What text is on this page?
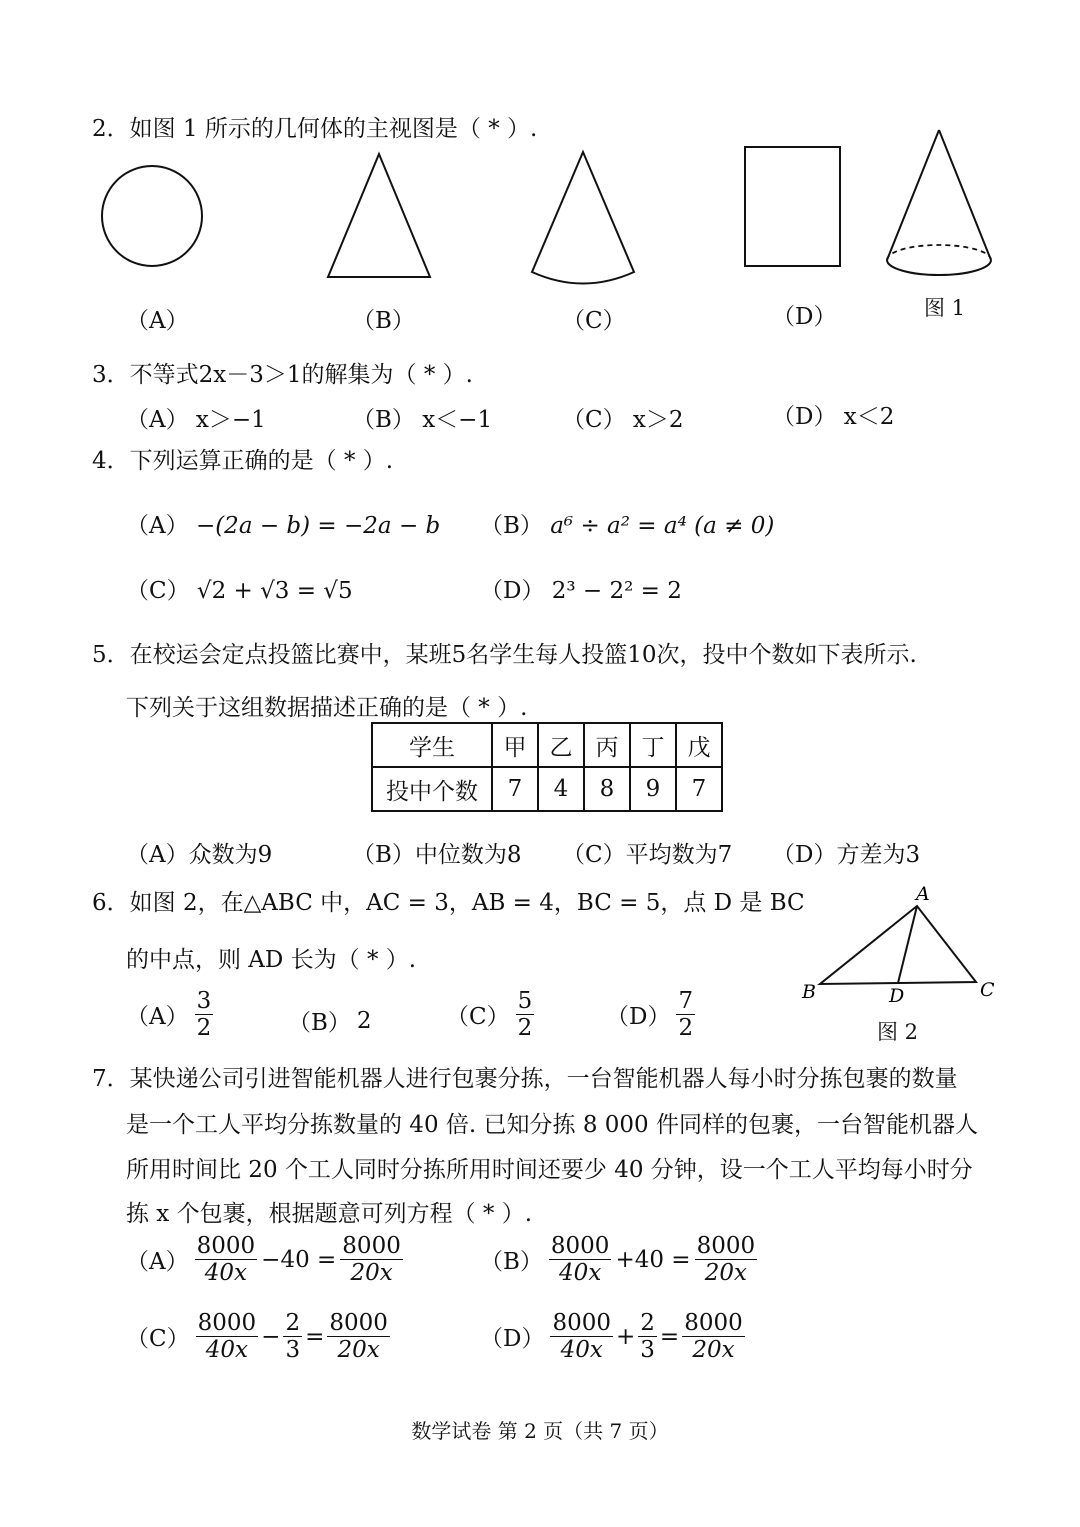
2．如图 1 所示的几何体的主视图是（ * ）.
（A）	（B）	（C）	（D）	图 1
3．不等式2x－3＞1的解集为（ * ）.
（A） x＞−1	（B） x＜−1	（C） x＞2	（D） x＜2
4．下列运算正确的是（ * ）.
（A） −(2a − b) = −2a − b （B） a⁶ ÷ a² = a⁴ (a ≠ 0)
（C） √2 + √3 = √5	（D） 2³ − 2² = 2
5．在校运会定点投篮比赛中，某班5名学生每人投篮10次，投中个数如下表所示.
下列关于这组数据描述正确的是（ * ）.
学生	甲	乙	丙	丁	戊
投中个数	7	4	8	9	7
（A）众数为9	（B）中位数为8 （C）平均数为7 （D）方差为3
6．如图 2，在△ABC 中，AC = 3，AB = 4，BC = 5，点 D 是 BC
的中点，则 AD 长为（ * ）.
$(A) \frac{3}{2}$	（B） 2	$(C) \frac{5}{2}$	$(D) \frac{7}{2}$
A
B	C
D
图 2
7．某快递公司引进智能机器人进行包裹分拣，一台智能机器人每小时分拣包裹的数量
是一个工人平均分拣数量的 40 倍. 已知分拣 8 000 件同样的包裹，一台智能机器人
所用时间比 20 个工人同时分拣所用时间还要少 40 分钟，设一个工人平均每小时分
拣 x 个包裹，根据题意可列方程（ * ）.
$(A) \frac{8000}{40x} -40 = \frac{8000}{20x}$	$(B) \frac{8000}{40x} +40 = \frac{8000}{20x}$
$(C) \frac{8000}{40x} - \frac{2}{3} = \frac{8000}{20x}$	$(D) \frac{8000}{40x} + \frac{2}{3} = \frac{8000}{20x}$
数学试卷 第 2 页（共 7 页）
